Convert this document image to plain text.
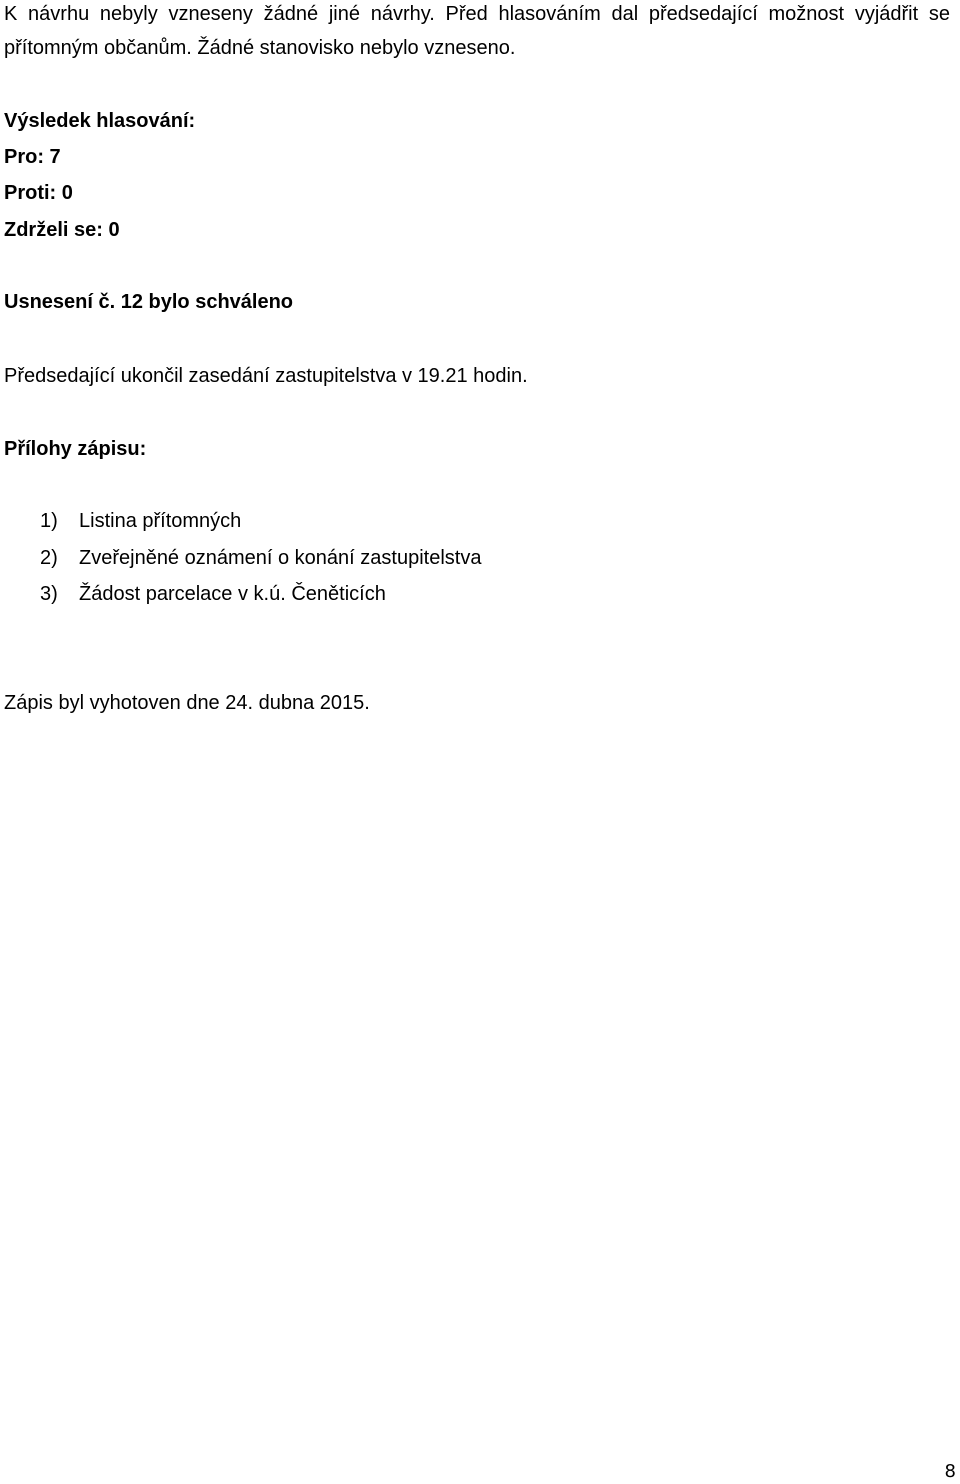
K návrhu nebyly vzneseny žádné jiné návrhy. Před hlasováním dal předsedající možnost vyjádřit se
přítomným občanům. Žádné stanovisko nebylo vzneseno.
Výsledek hlasování:
Pro: 7
Proti: 0
Zdrželi se: 0
Usnesení č. 12 bylo schváleno
Předsedající ukončil zasedání zastupitelstva v 19.21 hodin.
Přílohy zápisu:
1) Listina přítomných
2) Zveřejněné oznámení o konání zastupitelstva
3) Žádost parcelace v k.ú. Čeněticích
Zápis byl vyhotoven dne 24. dubna 2015.
8
